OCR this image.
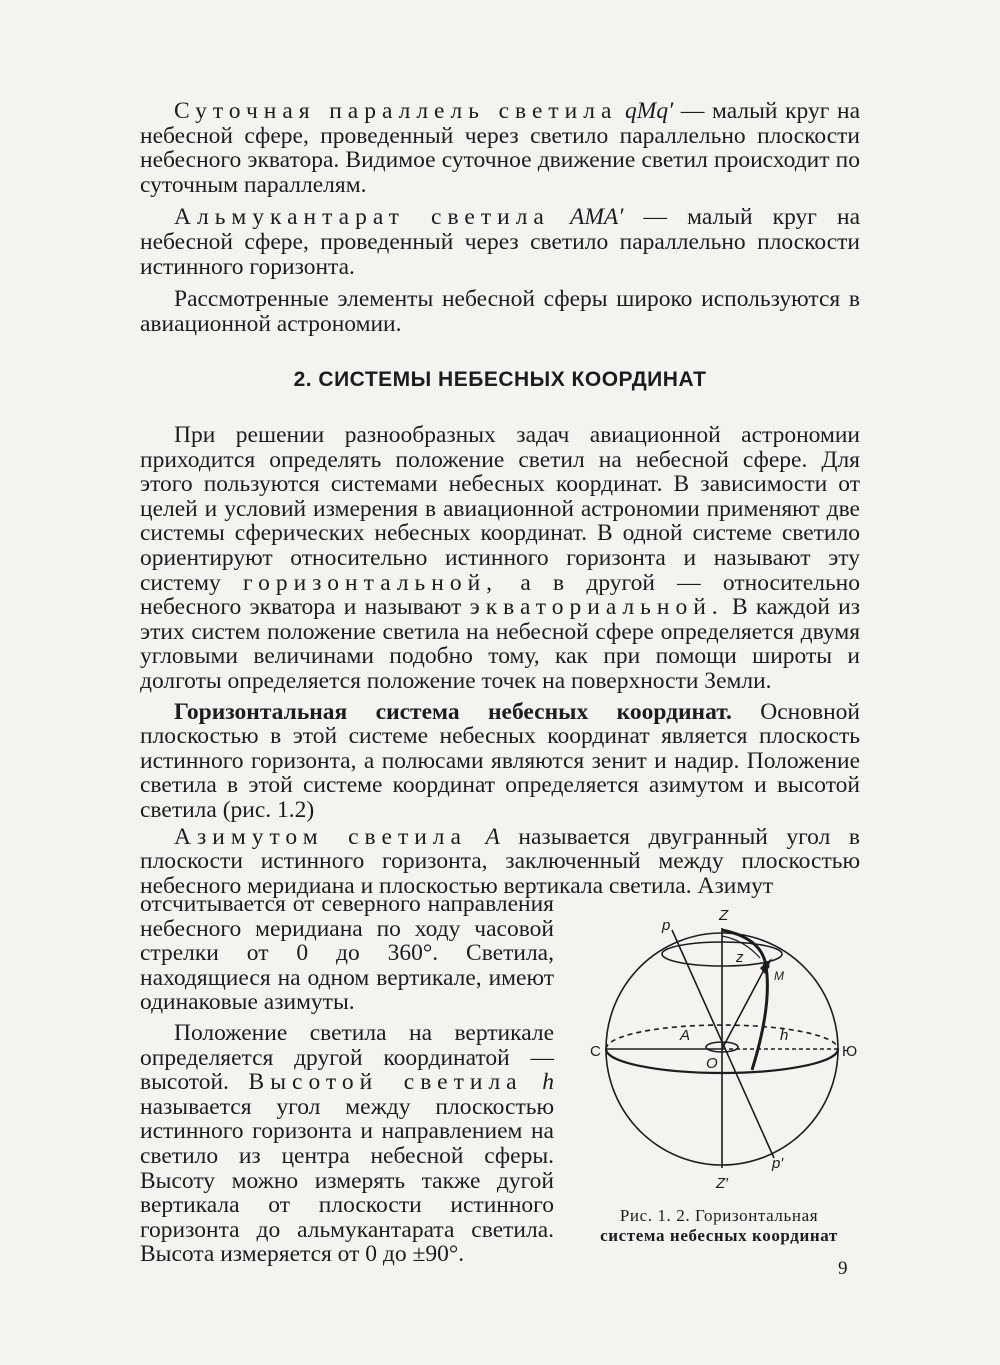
Суточная параллель светила qMq′ — малый круг на небесной сфере, проведенный через светило параллельно плоскости небесного экватора. Видимое суточное движение светил происходит по суточным параллелям.

Альмукантарат светила AMA′ — малый круг на небесной сфере, проведенный через светило параллельно плоскости истинного горизонта.

Рассмотренные элементы небесной сферы широко используются в авиационной астрономии.

2. СИСТЕМЫ НЕБЕСНЫХ КООРДИНАТ

При решении разнообразных задач авиационной астрономии приходится определять положение светил на небесной сфере. Для этого пользуются системами небесных координат. В зависимости от целей и условий измерения в авиационной астрономии применяют две системы сферических небесных координат. В одной системе светило ориентируют относительно истинного горизонта и называют эту систему горизонтальной, а в другой — относительно небесного экватора и называют экваториальной. В каждой из этих систем положение светила на небесной сфере определяется двумя угловыми величинами подобно тому, как при помощи широты и долготы определяется положение точек на поверхности Земли.

Горизонтальная система небесных координат. Основной плоскостью в этой системе небесных координат является плоскость истинного горизонта, а полюсами являются зенит и надир. Положение светила в этой системе координат определяется азимутом и высотой светила (рис. 1.2)

Азимутом светила A называется двугранный угол в плоскости истинного горизонта, заключенный между плоскостью небесного меридиана и плоскостью вертикала светила. Азимут

отсчитывается от северного направления небесного меридиана по ходу часовой стрелки от 0 до 360°. Светила, находящиеся на одном вертикале, имеют одинаковые азимуты.

Положение светила на вертикале определяется другой координатой — высотой. Высотой светила h называется угол между плоскостью истинного горизонта и направлением на светило из центра небесной сферы. Высоту можно измерять также дугой вертикала от плоскости истинного горизонта до альмукантарата светила. Высота измеряется от 0 до ±90°.

Z
p
z
M
A	h
O
Z′
p′
С	Ю
Рис. 1. 2. Горизонтальная
система небесных координат
9
